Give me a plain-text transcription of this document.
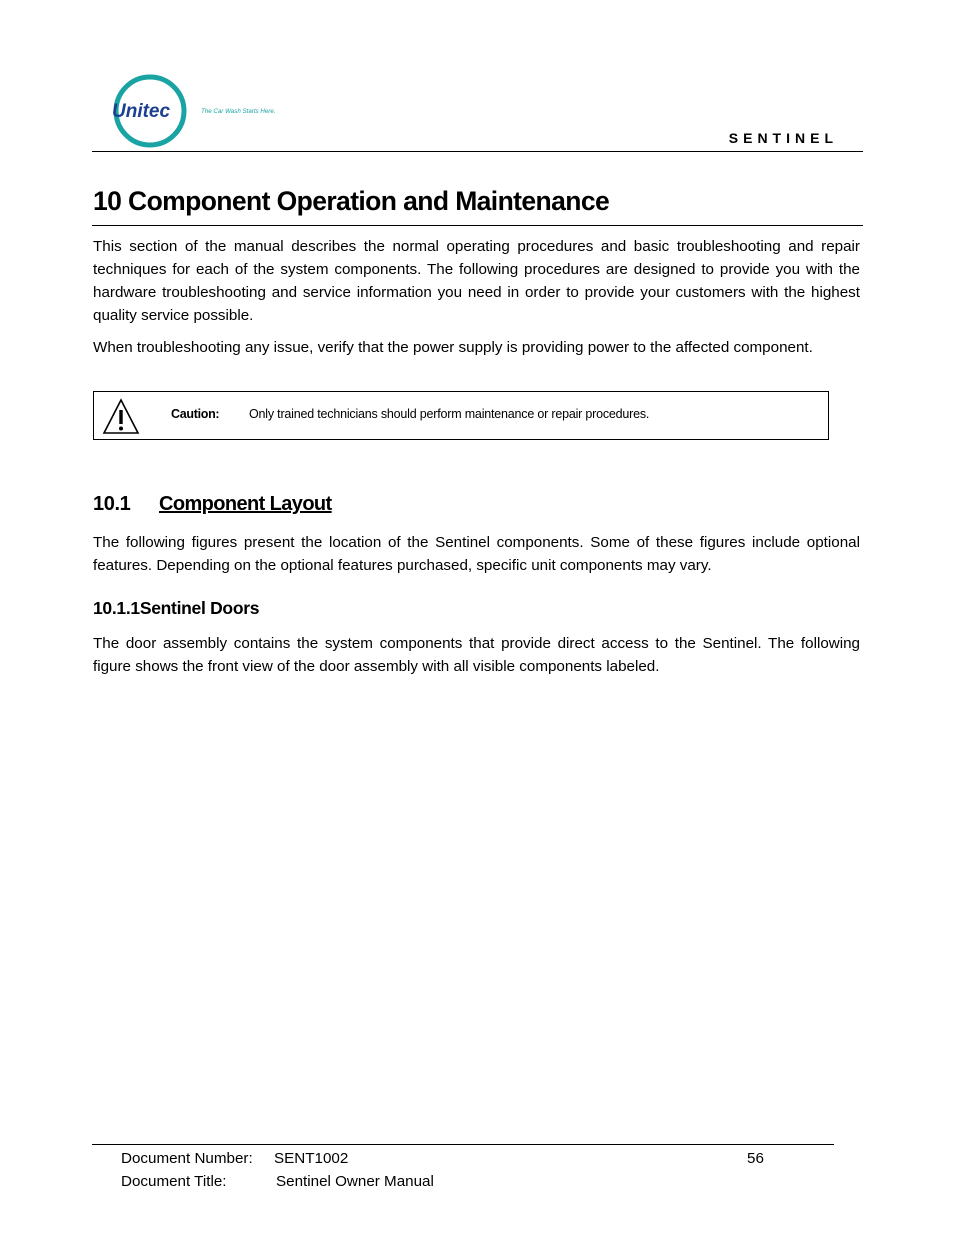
Unitec	The Car Wash Starts Here.
SENTINEL
10 Component Operation and Maintenance
This section of the manual describes the normal operating procedures and basic troubleshooting and repair techniques for each of the system components. The following procedures are designed to provide you with the hardware troubleshooting and service information you need in order to provide your customers with the highest quality service possible.
When troubleshooting any issue, verify that the power supply is providing power to the affected component.
Caution: Only trained technicians should perform maintenance or repair procedures.
10.1 Component Layout
The following figures present the location of the Sentinel components. Some of these figures include optional features. Depending on the optional features purchased, specific unit components may vary.
10.1.1Sentinel Doors
The door assembly contains the system components that provide direct access to the Sentinel. The following figure shows the front view of the door assembly with all visible components labeled.
Document Number: SENT1002	56
Document Title:	Sentinel Owner Manual
